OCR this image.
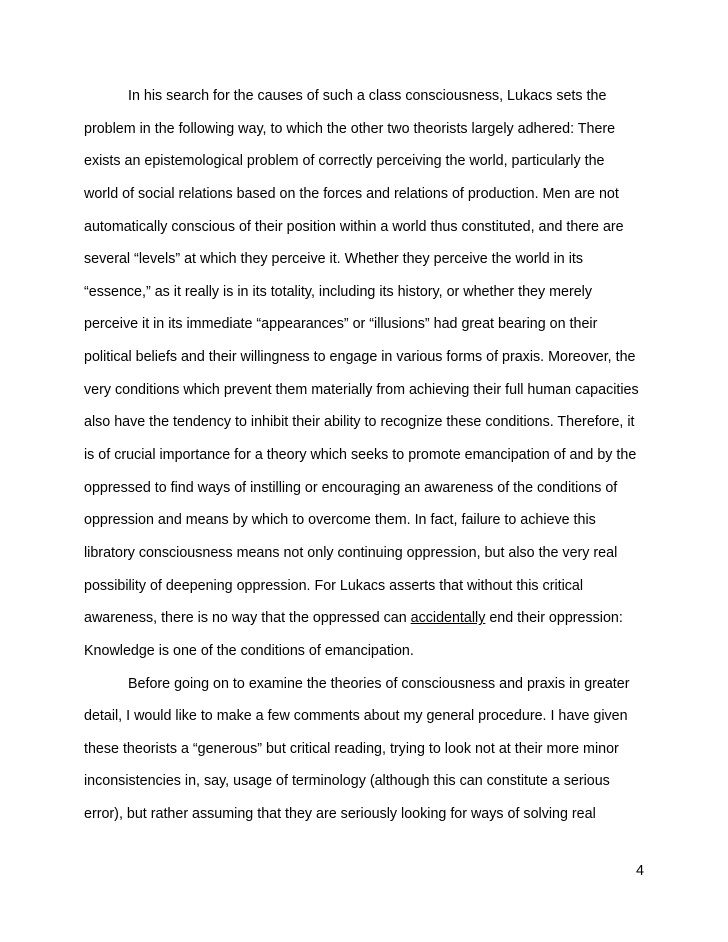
In his search for the causes of such a class consciousness, Lukacs sets the
problem in the following way, to which the other two theorists largely adhered: There
exists an epistemological problem of correctly perceiving the world, particularly the
world of social relations based on the forces and relations of production. Men are not
automatically conscious of their position within a world thus constituted, and there are
several “levels” at which they perceive it. Whether they perceive the world in its
“essence,” as it really is in its totality, including its history, or whether they merely
perceive it in its immediate “appearances” or “illusions” had great bearing on their
political beliefs and their willingness to engage in various forms of praxis. Moreover, the
very conditions which prevent them materially from achieving their full human capacities
also have the tendency to inhibit their ability to recognize these conditions. Therefore, it
is of crucial importance for a theory which seeks to promote emancipation of and by the
oppressed to find ways of instilling or encouraging an awareness of the conditions of
oppression and means by which to overcome them. In fact, failure to achieve this
libratory consciousness means not only continuing oppression, but also the very real
possibility of deepening oppression. For Lukacs asserts that without this critical
awareness, there is no way that the oppressed can accidentally end their oppression:
Knowledge is one of the conditions of emancipation.
Before going on to examine the theories of consciousness and praxis in greater
detail, I would like to make a few comments about my general procedure. I have given
these theorists a “generous” but critical reading, trying to look not at their more minor
inconsistencies in, say, usage of terminology (although this can constitute a serious
error), but rather assuming that they are seriously looking for ways of solving real
4
